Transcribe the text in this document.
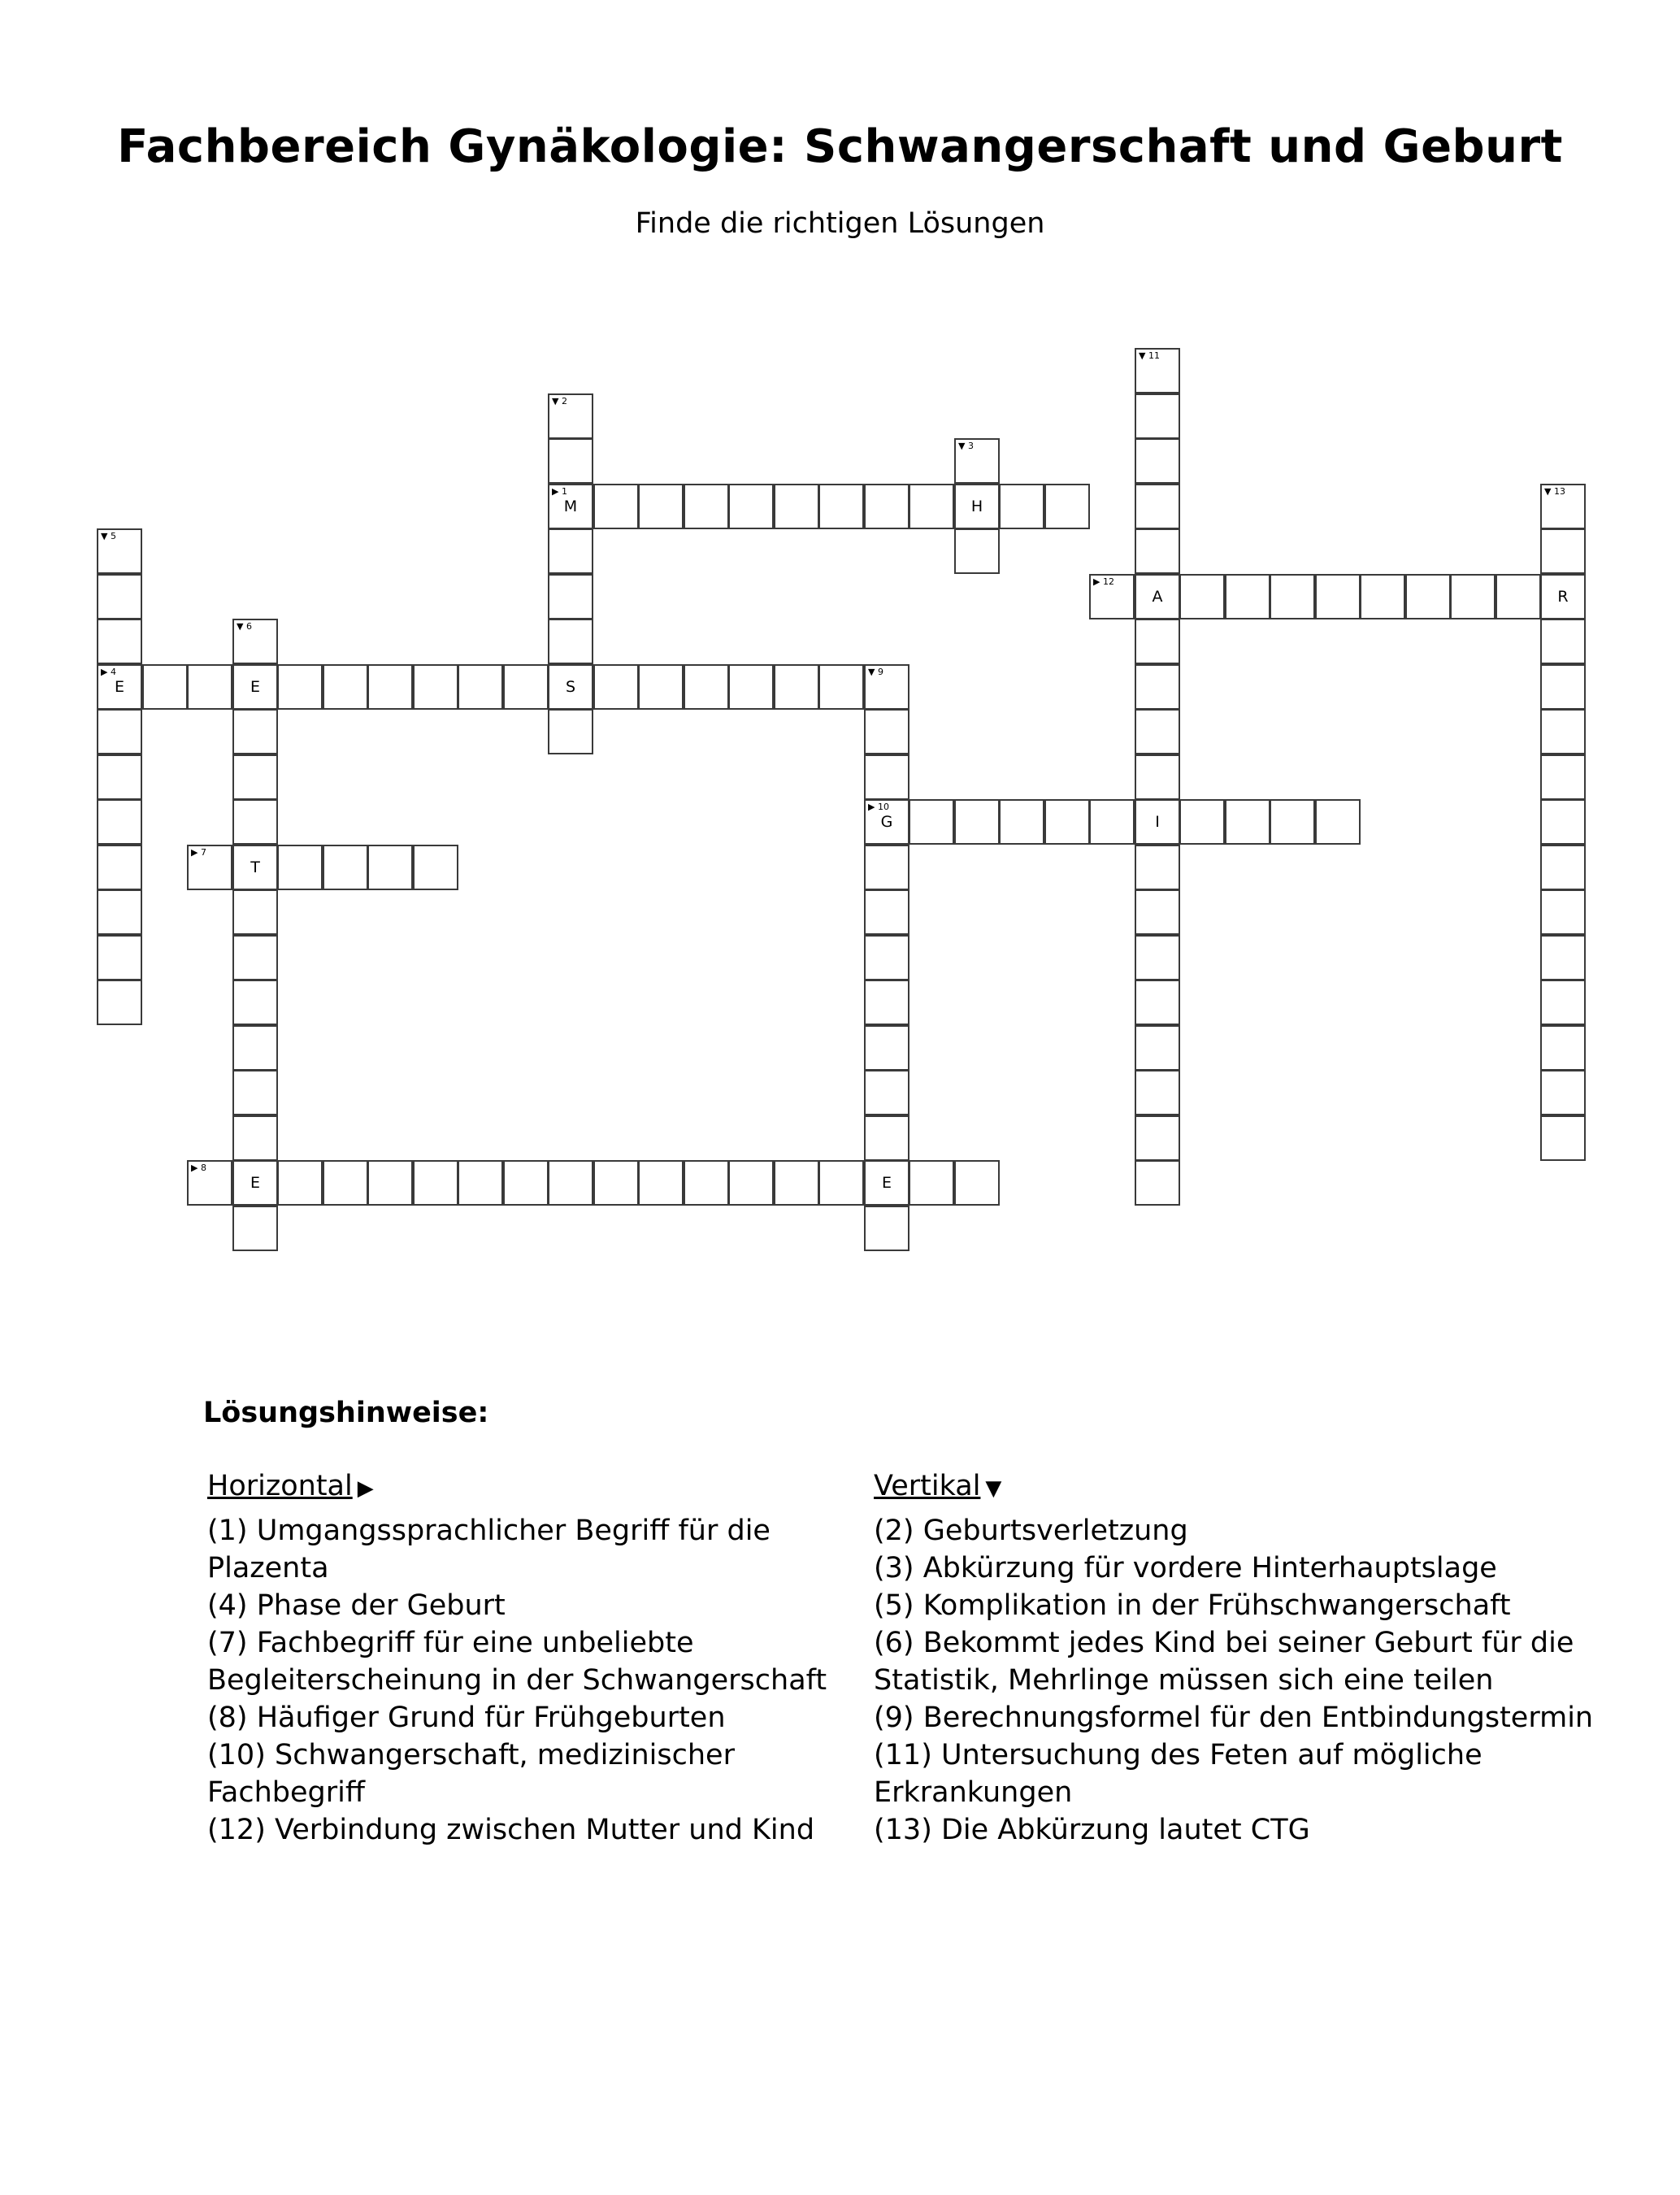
Fachbereich Gynäkologie: Schwangerschaft und Geburt
Finde die richtigen Lösungen
▶ 1
M	H
▼ 2
S
▼ 3
▶ 4
E	E
▼ 5
▼ 6
T
E
▶ 7
▶ 8
E
▼ 9
▶ 10
G	I
▼ 11
A
▶ 12
R
▼ 13
Lösungshinweise:
Horizontal ▶
(1) Umgangssprachlicher Begriff für die Plazenta
(4) Phase der Geburt
(7) Fachbegriff für eine unbeliebte Begleiterscheinung in der Schwangerschaft
(8) Häufiger Grund für Frühgeburten
(10) Schwangerschaft, medizinischer Fachbegriff
(12) Verbindung zwischen Mutter und Kind
Vertikal ▼
(2) Geburtsverletzung
(3) Abkürzung für vordere Hinterhauptslage
(5) Komplikation in der Frühschwangerschaft
(6) Bekommt jedes Kind bei seiner Geburt für die Statistik, Mehrlinge müssen sich eine teilen
(9) Berechnungsformel für den Entbindungstermin
(11) Untersuchung des Feten auf mögliche Erkrankungen
(13) Die Abkürzung lautet CTG
